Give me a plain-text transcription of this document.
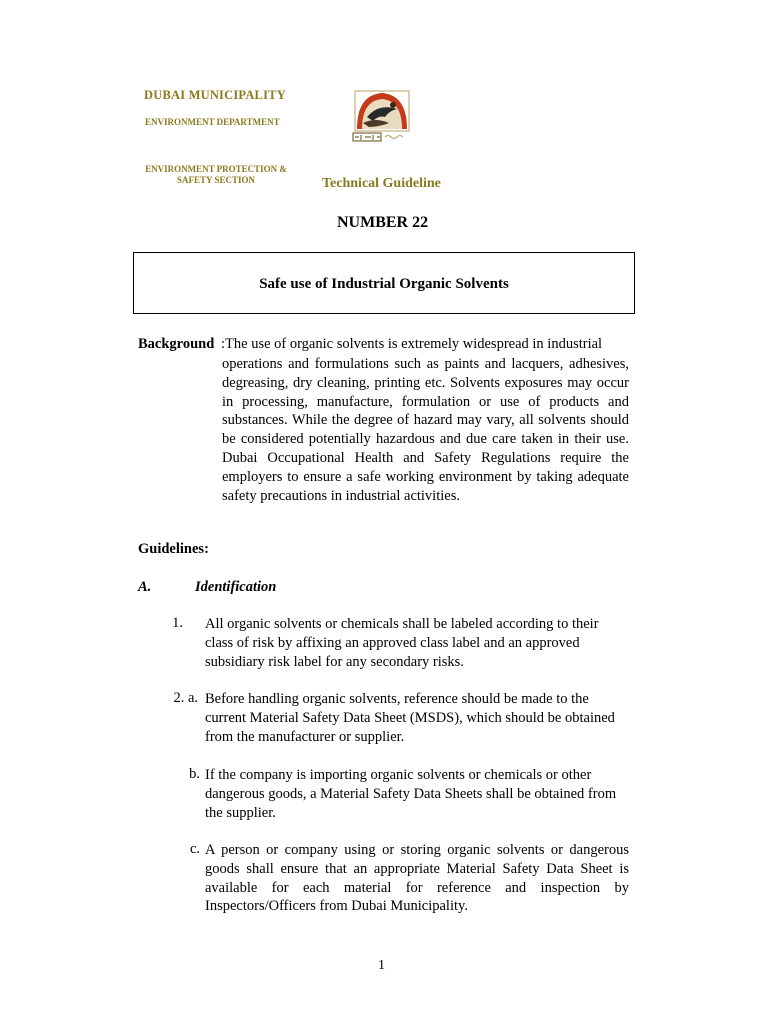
DUBAI MUNICIPALITY
ENVIRONMENT DEPARTMENT
ENVIRONMENT PROTECTION &
SAFETY SECTION	Technical Guideline
NUMBER 22
Safe use of Industrial Organic Solvents
Background :The use of organic solvents is extremely widespread in industrial
operations and formulations such as paints and lacquers, adhesives, degreasing, dry cleaning, printing etc. Solvents exposures may occur in processing, manufacture, formulation or use of products and substances. While the degree of hazard may vary, all solvents should be considered potentially hazardous and due care taken in their use. Dubai Occupational Health and Safety Regulations require the employers to ensure a safe working environment by taking adequate safety precautions in industrial activities.
Guidelines:
A.	Identification
1. All organic solvents or chemicals shall be labeled according to their class of risk by affixing an approved class label and an approved subsidiary risk label for any secondary risks.
2. a. Before handling organic solvents, reference should be made to the current Material Safety Data Sheet (MSDS), which should be obtained from the manufacturer or supplier.
b. If the company is importing organic solvents or chemicals or other dangerous goods, a Material Safety Data Sheets shall be obtained from the supplier.
c. A person or company using or storing organic solvents or dangerous goods shall ensure that an appropriate Material Safety Data Sheet is available for each material for reference and inspection by Inspectors/Officers from Dubai Municipality.
1
